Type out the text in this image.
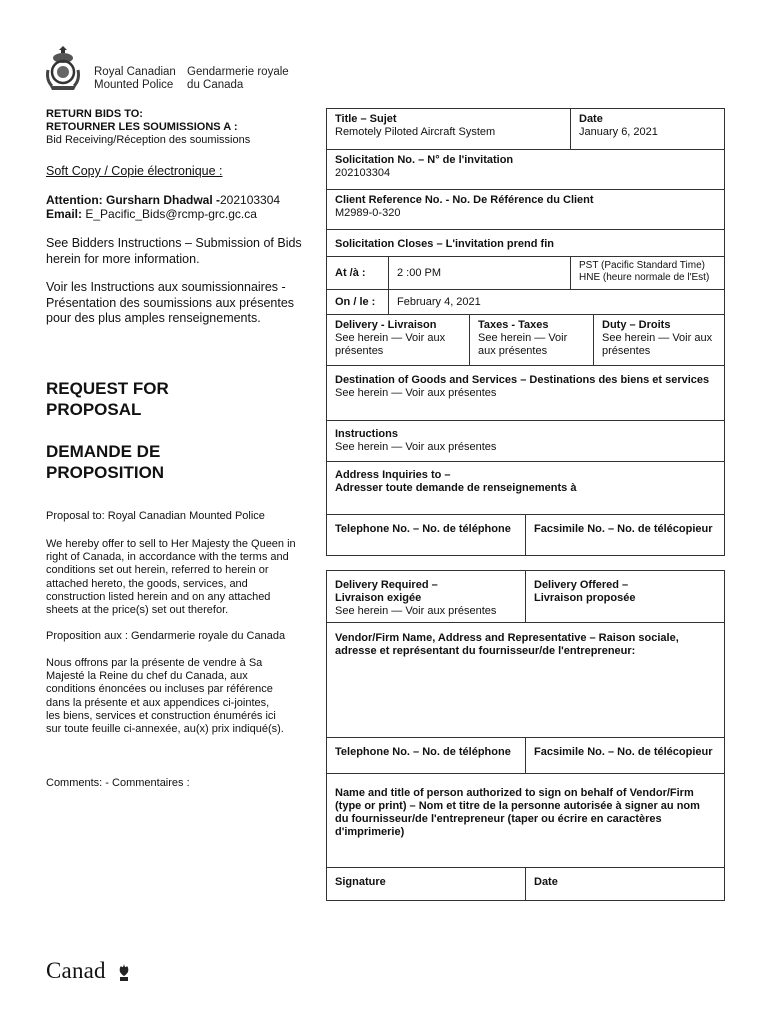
Royal Canadian
Mounted Police

Gendarmerie royale
du Canada
RETURN BIDS TO:
RETOURNER LES SOUMISSIONS A :
Bid Receiving/Réception des soumissions
Soft Copy / Copie électronique :
Attention: Gursharn Dhadwal -202103304
Email: E_Pacific_Bids@rcmp-grc.gc.ca
See Bidders Instructions – Submission of Bids herein for more information.
Voir les Instructions aux soumissionnaires - Présentation des soumissions aux présentes pour des plus amples renseignements.
REQUEST FOR
PROPOSAL
DEMANDE DE
PROPOSITION
Proposal to: Royal Canadian Mounted Police
We hereby offer to sell to Her Majesty the Queen in right of Canada, in accordance with the terms and conditions set out herein, referred to herein or attached hereto, the goods, services, and construction listed herein and on any attached sheets at the price(s) set out therefor.
Proposition aux : Gendarmerie royale du Canada
Nous offrons par la présente de vendre à Sa Majesté la Reine du chef du Canada, aux conditions énoncées ou incluses par référence dans la présente et aux appendices ci-jointes, les biens, services et construction énumérés ici sur toute feuille ci-annexée, au(x) prix indiqué(s).
Comments: - Commentaires :
Title – Sujet
Remotely Piloted Aircraft System
Date
January 6, 2021
Solicitation No. – N° de l'invitation
202103304
Client Reference No. - No. De Référence du Client
M2989-0-320
Solicitation Closes – L'invitation prend fin
At /à :	2 :00 PM
PST (Pacific Standard Time)
HNE (heure normale de l'Est)
On / le :	February 4, 2021
Delivery - Livraison
See herein — Voir aux présentes
Taxes - Taxes
See herein — Voir aux présentes
Duty – Droits
See herein — Voir aux présentes
Destination of Goods and Services – Destinations des biens et services
See herein — Voir aux présentes
Instructions
See herein — Voir aux présentes
Address Inquiries to –
Adresser toute demande de renseignements à
Telephone No. – No. de téléphone	Facsimile No. – No. de télécopieur
Delivery Required –
Livraison exigée
See herein — Voir aux présentes
Delivery Offered –
Livraison proposée
Vendor/Firm Name, Address and Representative – Raison sociale, adresse et représentant du fournisseur/de l'entrepreneur:
Telephone No. – No. de téléphone	Facsimile No. – No. de télécopieur
Name and title of person authorized to sign on behalf of Vendor/Firm (type or print) – Nom et titre de la personne autorisée à signer au nom du fournisseur/de l'entrepreneur (taper ou écrire en caractères d'imprimerie)
Signature	Date
Canad
